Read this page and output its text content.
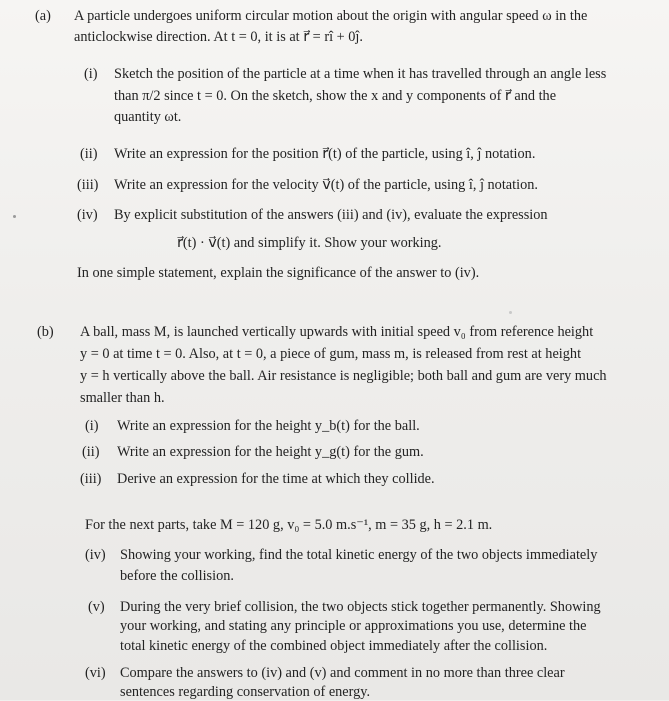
(a) A particle undergoes uniform circular motion about the origin with angular speed ω in the
anticlockwise direction. At t = 0, it is at r⃗ = rî + 0ĵ.
(i) Sketch the position of the particle at a time when it has travelled through an angle less
than π/2 since t = 0. On the sketch, show the x and y components of r⃗ and the
quantity ωt.
(ii) Write an expression for the position r⃗(t) of the particle, using î, ĵ notation.
(iii) Write an expression for the velocity v⃗(t) of the particle, using î, ĵ notation.
(iv) By explicit substitution of the answers (iii) and (iv), evaluate the expression
r⃗(t) · v⃗(t) and simplify it. Show your working.
In one simple statement, explain the significance of the answer to (iv).
(b) A ball, mass M, is launched vertically upwards with initial speed v₀ from reference height
y = 0 at time t = 0. Also, at t = 0, a piece of gum, mass m, is released from rest at height
y = h vertically above the ball. Air resistance is negligible; both ball and gum are very much
smaller than h.
(i) Write an expression for the height y_b(t) for the ball.
(ii) Write an expression for the height y_g(t) for the gum.
(iii) Derive an expression for the time at which they collide.
For the next parts, take M = 120 g, v₀ = 5.0 m.s⁻¹, m = 35 g, h = 2.1 m.
(iv) Showing your working, find the total kinetic energy of the two objects immediately
before the collision.
(v) During the very brief collision, the two objects stick together permanently. Showing
your working, and stating any principle or approximations you use, determine the
total kinetic energy of the combined object immediately after the collision.
(vi) Compare the answers to (iv) and (v) and comment in no more than three clear
sentences regarding conservation of energy.
